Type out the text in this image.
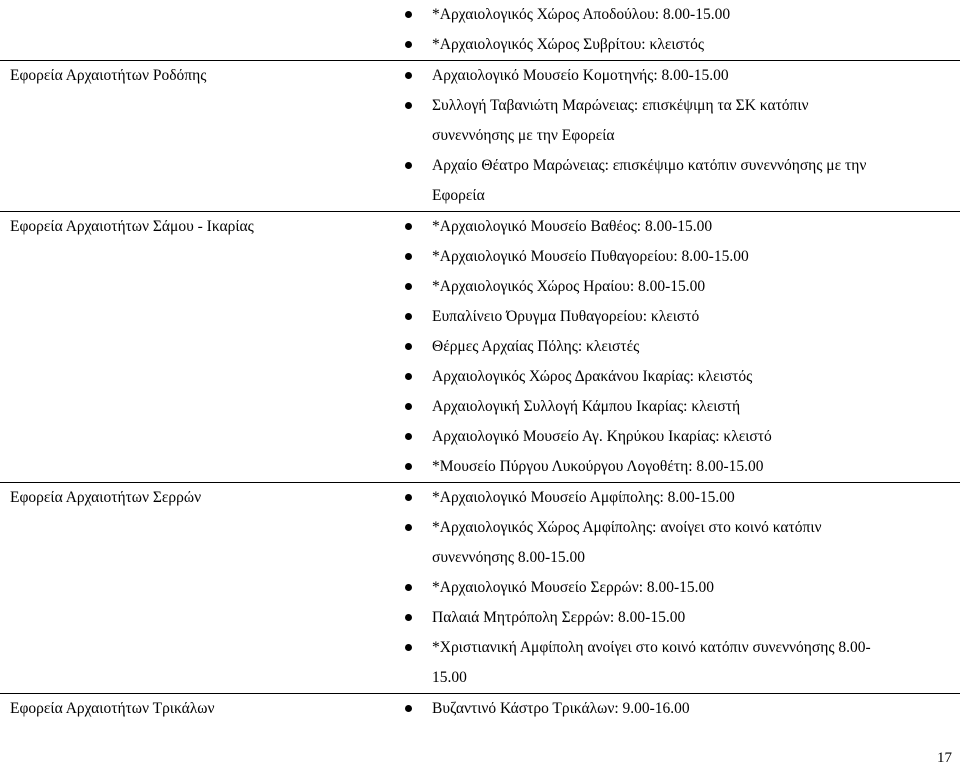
*Αρχαιολογικός Χώρος Αποδούλου: 8.00-15.00
*Αρχαιολογικός Χώρος Συβρίτου: κλειστός
Εφορεία Αρχαιοτήτων Ροδόπης	Αρχαιολογικό Μουσείο Κομοτηνής: 8.00-15.00
Συλλογή Ταβανιώτη Μαρώνειας: επισκέψιμη τα ΣΚ κατόπιν
συνεννόησης με την Εφορεία
Αρχαίο Θέατρο Μαρώνειας: επισκέψιμο κατόπιν συνεννόησης με την
Εφορεία
Εφορεία Αρχαιοτήτων Σάμου - Ικαρίας	*Αρχαιολογικό Μουσείο Βαθέος: 8.00-15.00
*Αρχαιολογικό Μουσείο Πυθαγορείου: 8.00-15.00
*Αρχαιολογικός Χώρος Ηραίου: 8.00-15.00
Ευπαλίνειο Όρυγμα Πυθαγορείου: κλειστό
Θέρμες Αρχαίας Πόλης: κλειστές
Αρχαιολογικός Χώρος Δρακάνου Ικαρίας: κλειστός
Αρχαιολογική Συλλογή Κάμπου Ικαρίας: κλειστή
Αρχαιολογικό Μουσείο Αγ. Κηρύκου Ικαρίας: κλειστό
*Μουσείο Πύργου Λυκούργου Λογοθέτη: 8.00-15.00
Εφορεία Αρχαιοτήτων Σερρών	*Αρχαιολογικό Μουσείο Αμφίπολης: 8.00-15.00
*Αρχαιολογικός Χώρος Αμφίπολης: ανοίγει στο κοινό κατόπιν
συνεννόησης 8.00-15.00
*Αρχαιολογικό Μουσείο Σερρών: 8.00-15.00
Παλαιά Μητρόπολη Σερρών: 8.00-15.00
*Χριστιανική Αμφίπολη ανοίγει στο κοινό κατόπιν συνεννόησης 8.00-
15.00
Εφορεία Αρχαιοτήτων Τρικάλων	Βυζαντινό Κάστρο Τρικάλων: 9.00-16.00
17
